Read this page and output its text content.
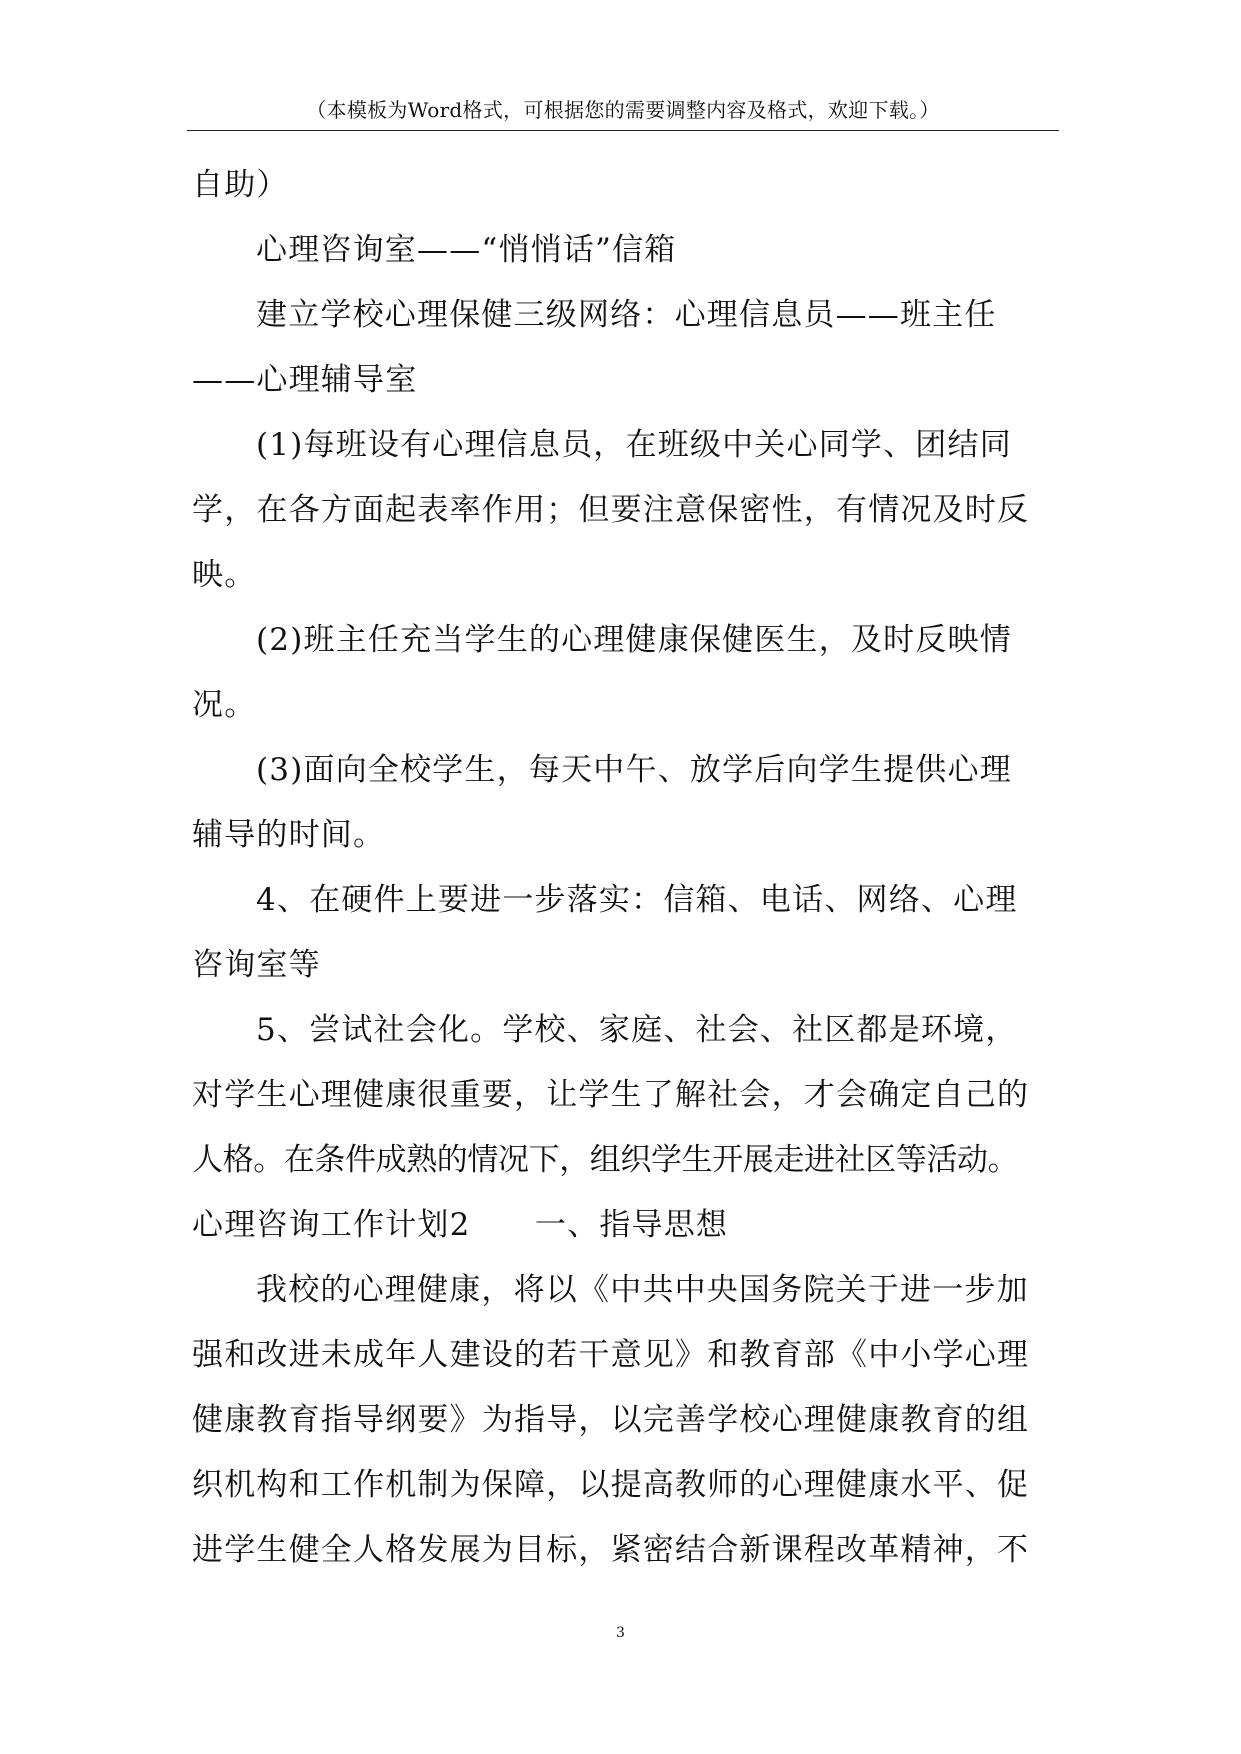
（本模板为Word格式，可根据您的需要调整内容及格式，欢迎下载。）
自助）
心理咨询室——“悄悄话”信箱
建立学校心理保健三级网络：心理信息员——班主任
——心理辅导室
(1)每班设有心理信息员，在班级中关心同学、团结同
学，在各方面起表率作用；但要注意保密性，有情况及时反
映。
(2)班主任充当学生的心理健康保健医生，及时反映情
况。
(3)面向全校学生，每天中午、放学后向学生提供心理
辅导的时间。
4、在硬件上要进一步落实：信箱、电话、网络、心理
咨询室等
5、尝试社会化。学校、家庭、社会、社区都是环境，
对学生心理健康很重要，让学生了解社会，才会确定自己的
人格。在条件成熟的情况下，组织学生开展走进社区等活动。
心理咨询工作计划2　　一、指导思想
我校的心理健康，将以《中共中央国务院关于进一步加
强和改进未成年人建设的若干意见》和教育部《中小学心理
健康教育指导纲要》为指导，以完善学校心理健康教育的组
织机构和工作机制为保障，以提高教师的心理健康水平、促
进学生健全人格发展为目标，紧密结合新课程改革精神，不
3
